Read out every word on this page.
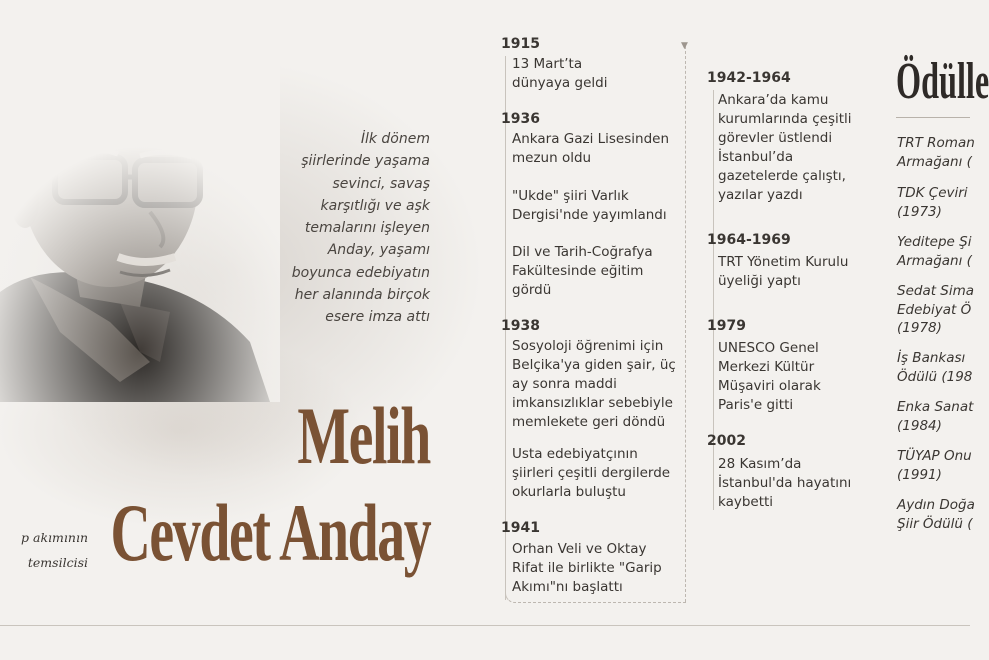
İlk dönem
şiirlerinde yaşama
sevinci, savaş
karşıtlığı ve aşk
temalarını işleyen
Anday, yaşamı
boyunca edebiyatın
her alanında birçok
esere imza attı
Melih
Cevdet Anday
p akımının
temsilcisi
▼
1915
13 Mart’ta dünyaya geldi
1936
Ankara Gazi Lisesinden mezun oldu
"Ukde" şiiri Varlık Dergisi'nde yayımlandı
Dil ve Tarih-Coğrafya Fakültesinde eğitim gördü
1938
Sosyoloji öğrenimi için Belçika'ya giden şair, üç ay sonra maddi imkansızlıklar sebebiyle memlekete geri döndü
Usta edebiyatçının şiirleri çeşitli dergilerde okurlarla buluştu
1941
Orhan Veli ve Oktay Rifat ile birlikte "Garip Akımı"nı başlattı
1942-1964
Ankara’da kamu kurumlarında çeşitli görevler üstlendi İstanbul’da gazetelerde çalıştı, yazılar yazdı
1964-1969
TRT Yönetim Kurulu üyeliği yaptı
1979
UNESCO Genel Merkezi Kültür Müşaviri olarak Paris'e gitti
2002
28 Kasım’da İstanbul'da hayatını kaybetti
Ödülle
TRT Roman
Armağanı (
TDK Çeviri
(1973)
Yeditepe Şi
Armağanı (
Sedat Sima
Edebiyat Ö
(1978)
İş Bankası
Ödülü (198
Enka Sanat
(1984)
TÜYAP Onu
(1991)
Aydın Doğa
Şiir Ödülü (
